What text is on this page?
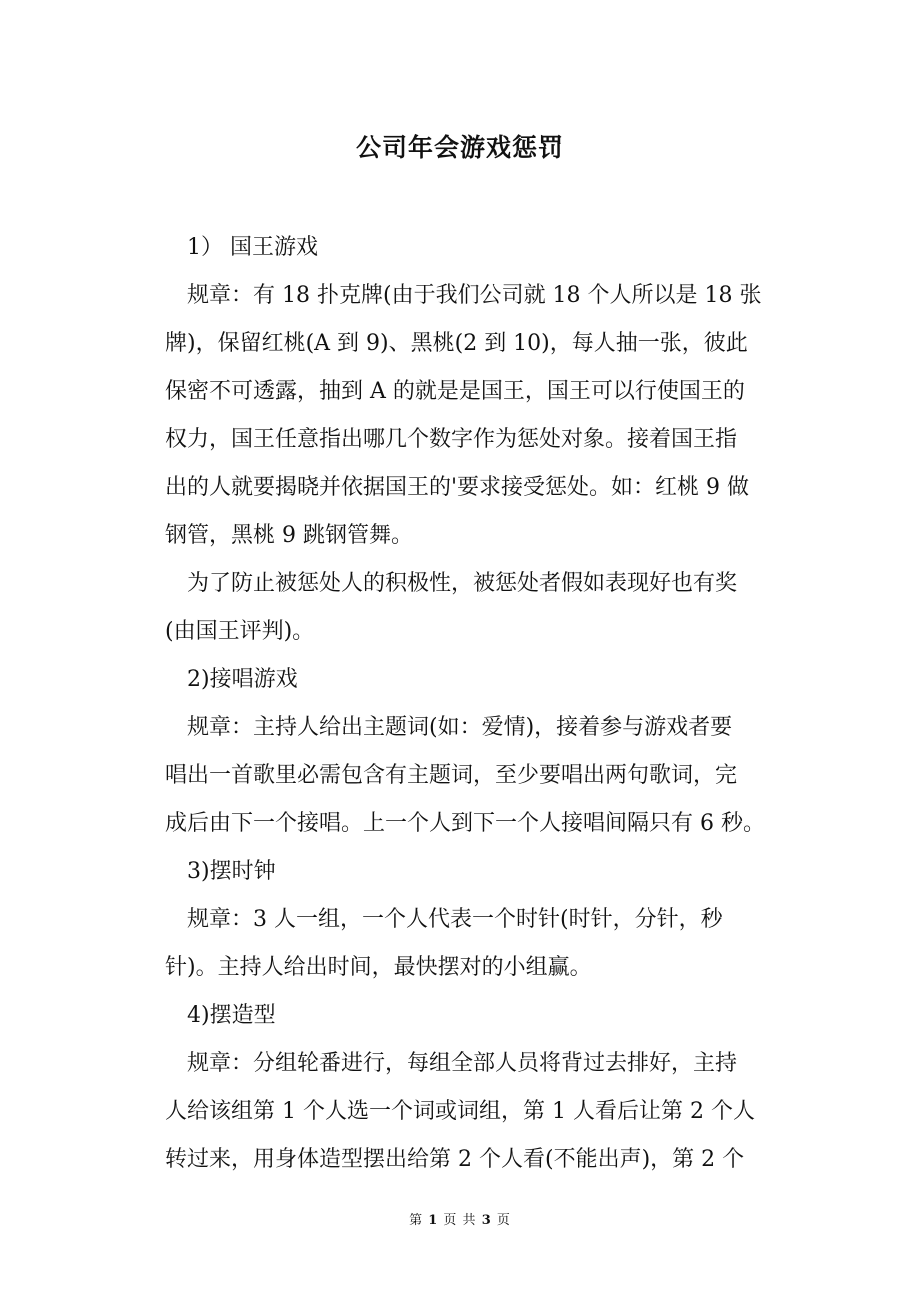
公司年会游戏惩罚
1） 国王游戏
规章：有 18 扑克牌(由于我们公司就 18 个人所以是 18 张
牌)，保留红桃(A 到 9)、黑桃(2 到 10)，每人抽一张，彼此
保密不可透露，抽到 A 的就是是国王，国王可以行使国王的
权力，国王任意指出哪几个数字作为惩处对象。接着国王指
出的人就要揭晓并依据国王的'要求接受惩处。如：红桃 9 做
钢管，黑桃 9 跳钢管舞。
为了防止被惩处人的积极性，被惩处者假如表现好也有奖
(由国王评判)。
2)接唱游戏
规章：主持人给出主题词(如：爱情)，接着参与游戏者要
唱出一首歌里必需包含有主题词，至少要唱出两句歌词，完
成后由下一个接唱。上一个人到下一个人接唱间隔只有 6 秒。
3)摆时钟
规章：3 人一组，一个人代表一个时针(时针，分针，秒
针)。主持人给出时间，最快摆对的小组赢。
4)摆造型
规章：分组轮番进行，每组全部人员将背过去排好，主持
人给该组第 1 个人选一个词或词组，第 1 人看后让第 2 个人
转过来，用身体造型摆出给第 2 个人看(不能出声)，第 2 个
第 1 页 共 3 页
